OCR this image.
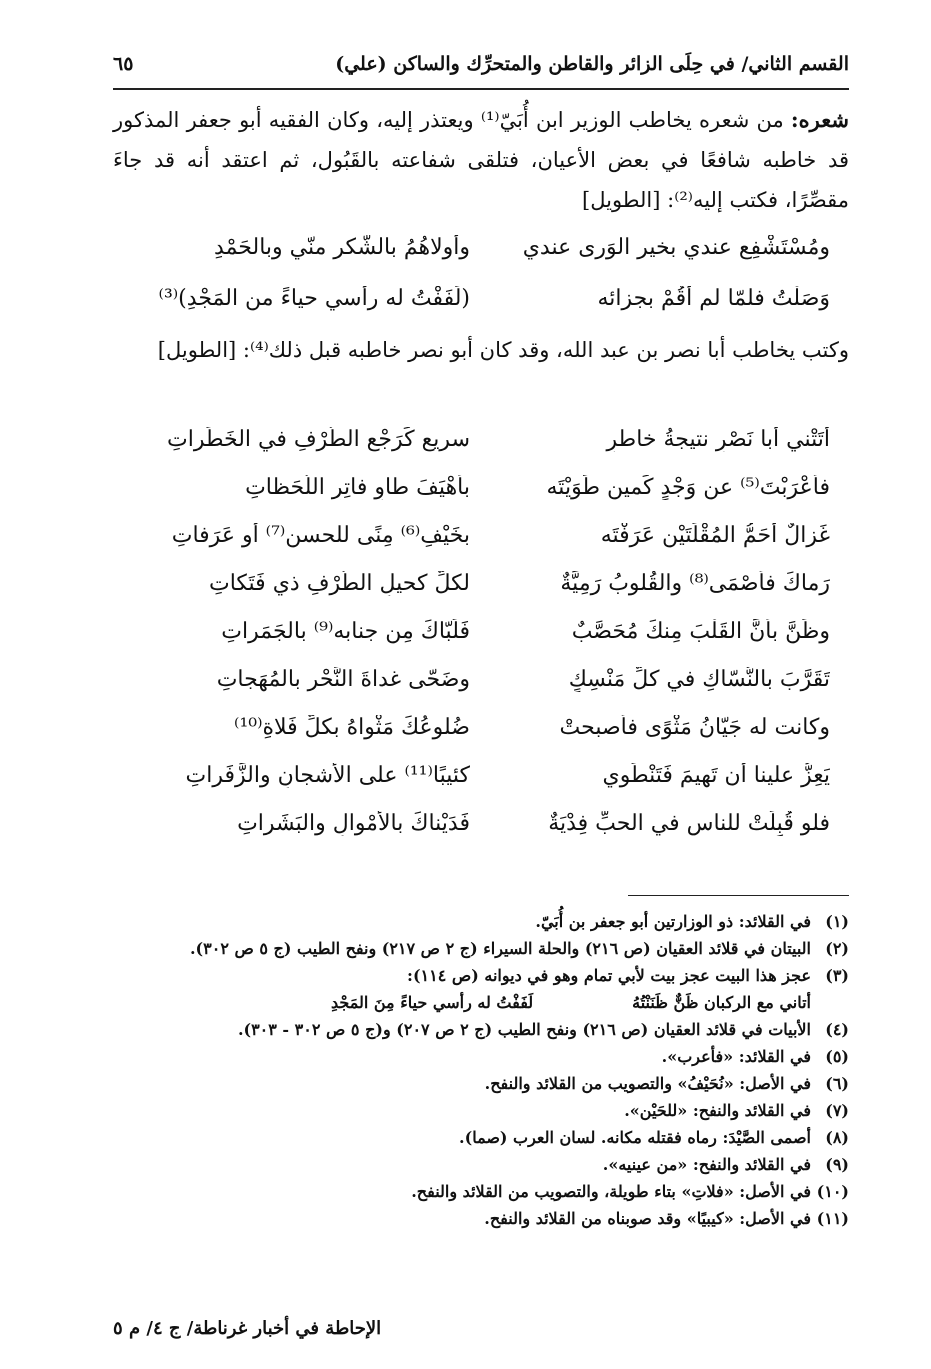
القسم الثاني/ في حِلَى الزائر والقاطن والمتحرِّك والساكن (علي)
٦٥
شعره: من شعره يخاطب الوزير ابن أُبَيّ⁽¹⁾ ويعتذر إليه، وكان الفقيه أبو جعفر المذكور قد خاطبه شافعًا في بعض الأعيان، فتلقى شفاعته بالقَبُول، ثم اعتقد أنه قد جاءَ مقصِّرًا، فكتب إليه⁽²⁾: [الطويل]
ومُسْتَشْفِعٍ عندي بخير الوَرى عندي
وأولاهُمُ بالشُّكرِ منّي وبالحَمْدِ
وَصَلْتُ فلمّا لم أقُمْ بجزائه
(لَفَفْتُ له رأسي حياءً من المَجْدِ)⁽³⁾
وكتب يخاطب أبا نصر بن عبد الله، وقد كان أبو نصر خاطبه قبل ذلك⁽⁴⁾: [الطويل]
أتَتْني أبا نَصْرٍ نتيجةُ خاطرٍ
سريعِ كَرَجْعِ الطَّرْفِ في الخَطَراتِ
فأعْرَبْتَ⁽⁵⁾ عن وَجْدٍ كَمينٍ طَوَيْتَه
بأهْيَفَ طاوٍ فاتِرِ اللَّحَظاتِ
غَزالٌ أحَمُّ المُقْلَتَيْنِ عَرَفْتَه
بخَيْفِ⁽⁶⁾ مِنًى للحسن⁽⁷⁾ أو عَرَفاتِ
رَماكَ فأصْمَى⁽⁸⁾ والقُلوبُ رَمِيَّةٌ
لكلِّ كحيلِ الطَّرْفِ ذي فَتَكاتِ
وظَنَّ بأنَّ القَلْبَ مِنكَ مُحَصَّبٌ
فَلَبّاكَ مِن جنابه⁽⁹⁾ بالجَمَراتِ
تَقَرَّبَ بالنُّسّاكِ في كلِّ مَنْسِكٍ
وضَحّى غداةَ النَّحْرِ بالمُهَجاتِ
وكانت له جَيّانُ مَثْوًى فأصبحتْ
ضُلوعُكَ مَثْواهُ بكلِّ فَلاةِ⁽¹⁰⁾
يَعِزُّ علينا أن تَهيمَ فَتَنْطَوي
كئيبًا⁽¹¹⁾ على الأشجانِ والزَّفَراتِ
فلو قُبِلَتْ للناسِ في الحبِّ فِدْيَةٌ
فَدَيْناكَ بالأمْوالِ والبَشَراتِ
(١)
في القلائد: ذو الوزارتين أبو جعفر بن أُبَيّ.
(٢)
البيتان في قلائد العقيان (ص ٢١٦) والحلة السيراء (ج ٢ ص ٢١٧) ونفح الطيب (ج ٥ ص ٣٠٢).
(٣)
عجز هذا البيت عجز بيت لأبي تمام وهو في ديوانه (ص ١١٤):
أتاني مع الركبان ظَنٌّ ظَنَنْتُهُ
لَفَفْتُ له رأسي حياءً مِنَ المَجْدِ
(٤)
الأبيات في قلائد العقيان (ص ٢١٦) ونفح الطيب (ج ٢ ص ٢٠٧) و(ج ٥ ص ٣٠٢ - ٣٠٣).
(٥)
في القلائد: «فأعرب».
(٦)
في الأصل: «نُحَيْفُ» والتصويب من القلائد والنفح.
(٧)
في القلائد والنفح: «للحَيْن».
(٨)
أصمى الصَّيْدَ: رماه فقتله مكانه. لسان العرب (صما).
(٩)
في القلائد والنفح: «من عينيه».
(١٠)
في الأصل: «فلاتِ» بتاء طويلة، والتصويب من القلائد والنفح.
(١١)
في الأصل: «كيبيًا» وقد صوبناه من القلائد والنفح.
الإحاطة في أخبار غرناطة/ ج ٤/ م ٥
